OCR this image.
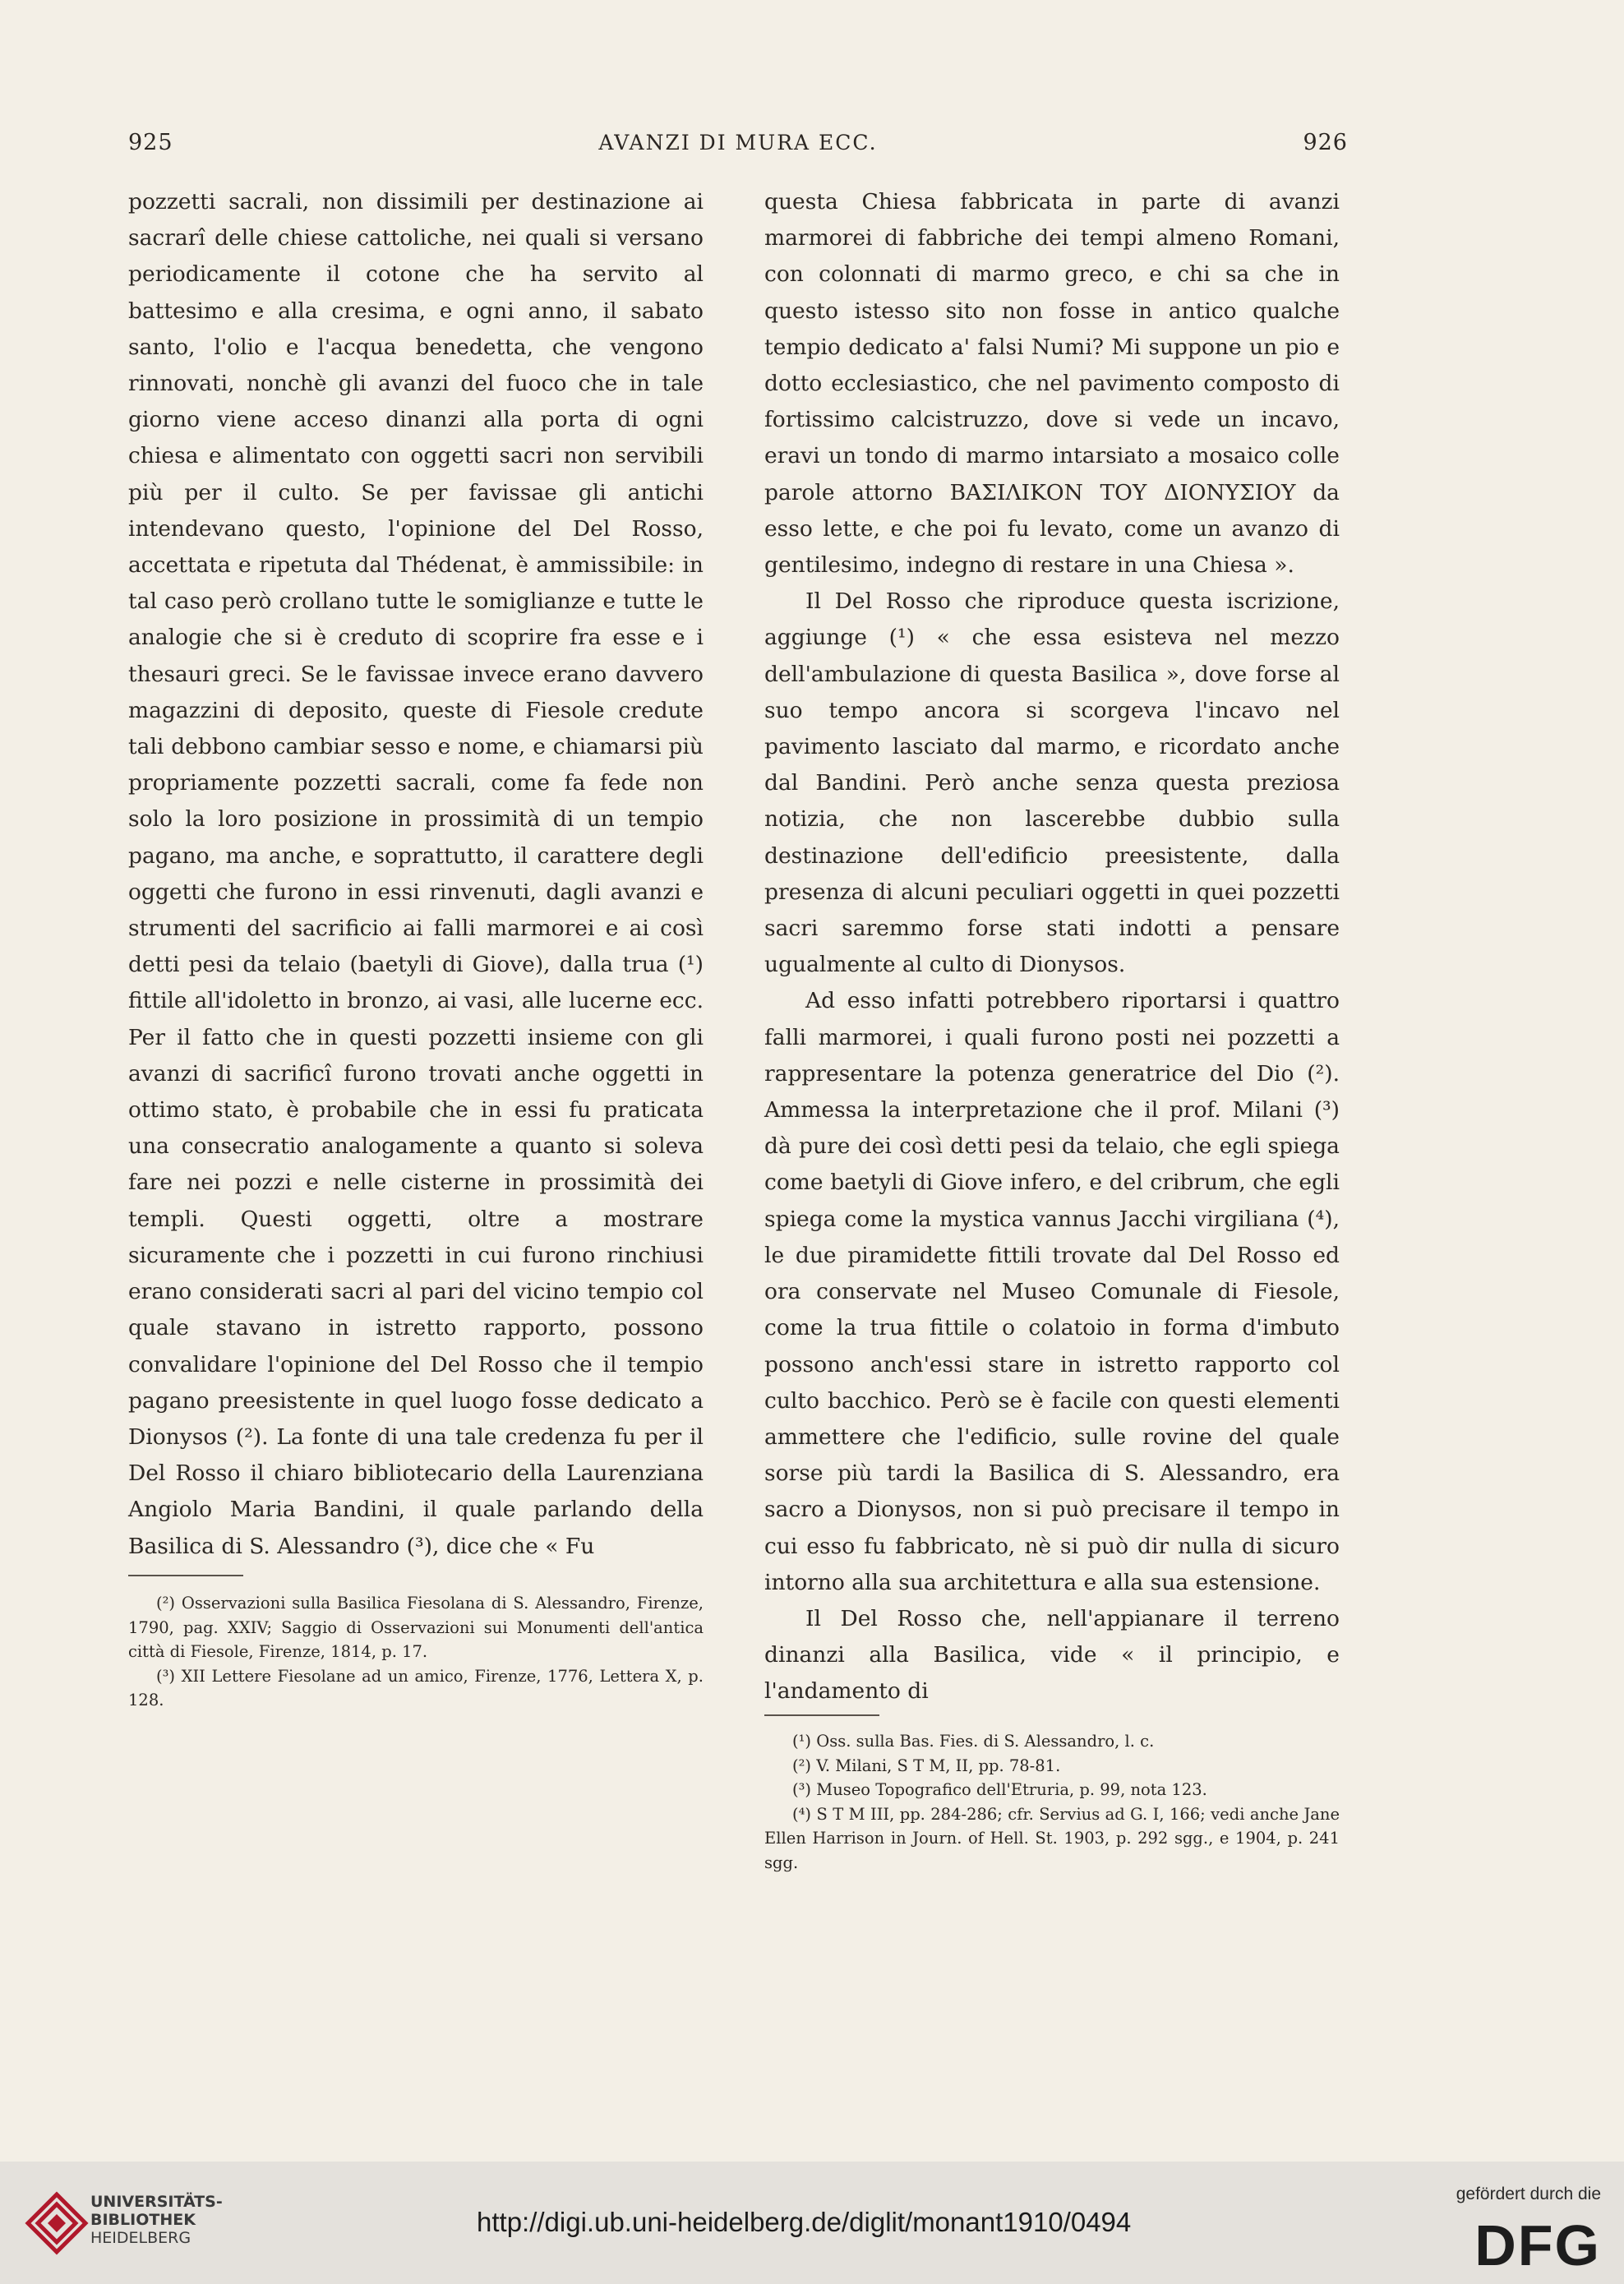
925	AVANZI DI MURA ECC.	926

pozzetti sacrali, non dissimili per destinazione ai sacrarî delle chiese cattoliche, nei quali si versano periodicamente il cotone che ha servito al battesimo e alla cresima, e ogni anno, il sabato santo, l'olio e l'acqua benedetta, che vengono rinnovati, nonchè gli avanzi del fuoco che in tale giorno viene acceso dinanzi alla porta di ogni chiesa e alimentato con oggetti sacri non servibili più per il culto. Se per favissae gli antichi intendevano questo, l'opinione del Del Rosso, accettata e ripetuta dal Thédenat, è ammissibile: in tal caso però crollano tutte le somiglianze e tutte le analogie che si è creduto di scoprire fra esse e i thesauri greci. Se le favissae invece erano davvero magazzini di deposito, queste di Fiesole credute tali debbono cambiar sesso e nome, e chiamarsi più propriamente pozzetti sacrali, come fa fede non solo la loro posizione in prossimità di un tempio pagano, ma anche, e soprattutto, il carattere degli oggetti che furono in essi rinvenuti, dagli avanzi e strumenti del sacrificio ai falli marmorei e ai così detti pesi da telaio (baetyli di Giove), dalla trua (¹) fittile all'idoletto in bronzo, ai vasi, alle lucerne ecc. Per il fatto che in questi pozzetti insieme con gli avanzi di sacrificî furono trovati anche oggetti in ottimo stato, è probabile che in essi fu praticata una consecratio analogamente a quanto si soleva fare nei pozzi e nelle cisterne in prossimità dei templi. Questi oggetti, oltre a mostrare sicuramente che i pozzetti in cui furono rinchiusi erano considerati sacri al pari del vicino tempio col quale stavano in istretto rapporto, possono convalidare l'opinione del Del Rosso che il tempio pagano preesistente in quel luogo fosse dedicato a Dionysos (²). La fonte di una tale credenza fu per il Del Rosso il chiaro bibliotecario della Laurenziana Angiolo Maria Bandini, il quale parlando della Basilica di S. Alessandro (³), dice che « Fu

(²) Osservazioni sulla Basilica Fiesolana di S. Alessandro, Firenze, 1790, pag. XXIV; Saggio di Osservazioni sui Monumenti dell'antica città di Fiesole, Firenze, 1814, p. 17.

(³) XII Lettere Fiesolane ad un amico, Firenze, 1776, Lettera X, p. 128.

questa Chiesa fabbricata in parte di avanzi marmorei di fabbriche dei tempi almeno Romani, con colonnati di marmo greco, e chi sa che in questo istesso sito non fosse in antico qualche tempio dedicato a' falsi Numi? Mi suppone un pio e dotto ecclesiastico, che nel pavimento composto di fortissimo calcistruzzo, dove si vede un incavo, eravi un tondo di marmo intarsiato a mosaico colle parole attorno ΒΑΣΙΛΙΚΟΝ ΤΟΥ ΔΙΟΝΥΣΙΟΥ da esso lette, e che poi fu levato, come un avanzo di gentilesimo, indegno di restare in una Chiesa ».

Il Del Rosso che riproduce questa iscrizione, aggiunge (¹) « che essa esisteva nel mezzo dell'ambulazione di questa Basilica », dove forse al suo tempo ancora si scorgeva l'incavo nel pavimento lasciato dal marmo, e ricordato anche dal Bandini. Però anche senza questa preziosa notizia, che non lascerebbe dubbio sulla destinazione dell'edificio preesistente, dalla presenza di alcuni peculiari oggetti in quei pozzetti sacri saremmo forse stati indotti a pensare ugualmente al culto di Dionysos.

Ad esso infatti potrebbero riportarsi i quattro falli marmorei, i quali furono posti nei pozzetti a rappresentare la potenza generatrice del Dio (²). Ammessa la interpretazione che il prof. Milani (³) dà pure dei così detti pesi da telaio, che egli spiega come baetyli di Giove infero, e del cribrum, che egli spiega come la mystica vannus Jacchi virgiliana (⁴), le due piramidette fittili trovate dal Del Rosso ed ora conservate nel Museo Comunale di Fiesole, come la trua fittile o colatoio in forma d'imbuto possono anch'essi stare in istretto rapporto col culto bacchico. Però se è facile con questi elementi ammettere che l'edificio, sulle rovine del quale sorse più tardi la Basilica di S. Alessandro, era sacro a Dionysos, non si può precisare il tempo in cui esso fu fabbricato, nè si può dir nulla di sicuro intorno alla sua architettura e alla sua estensione.

Il Del Rosso che, nell'appianare il terreno dinanzi alla Basilica, vide « il principio, e l'andamento di

(¹) Oss. sulla Bas. Fies. di S. Alessandro, l. c.

(²) V. Milani, S T M, II, pp. 78-81.

(³) Museo Topografico dell'Etruria, p. 99, nota 123.

(⁴) S T M III, pp. 284-286; cfr. Servius ad G. I, 166; vedi anche Jane Ellen Harrison in Journ. of Hell. St. 1903, p. 292 sgg., e 1904, p. 241 sgg.

UNIVERSITÄTS-
BIBLIOTHEK
HEIDELBERG
http://digi.ub.uni-heidelberg.de/diglit/monant1910/0494
gefördert durch die
DFG
